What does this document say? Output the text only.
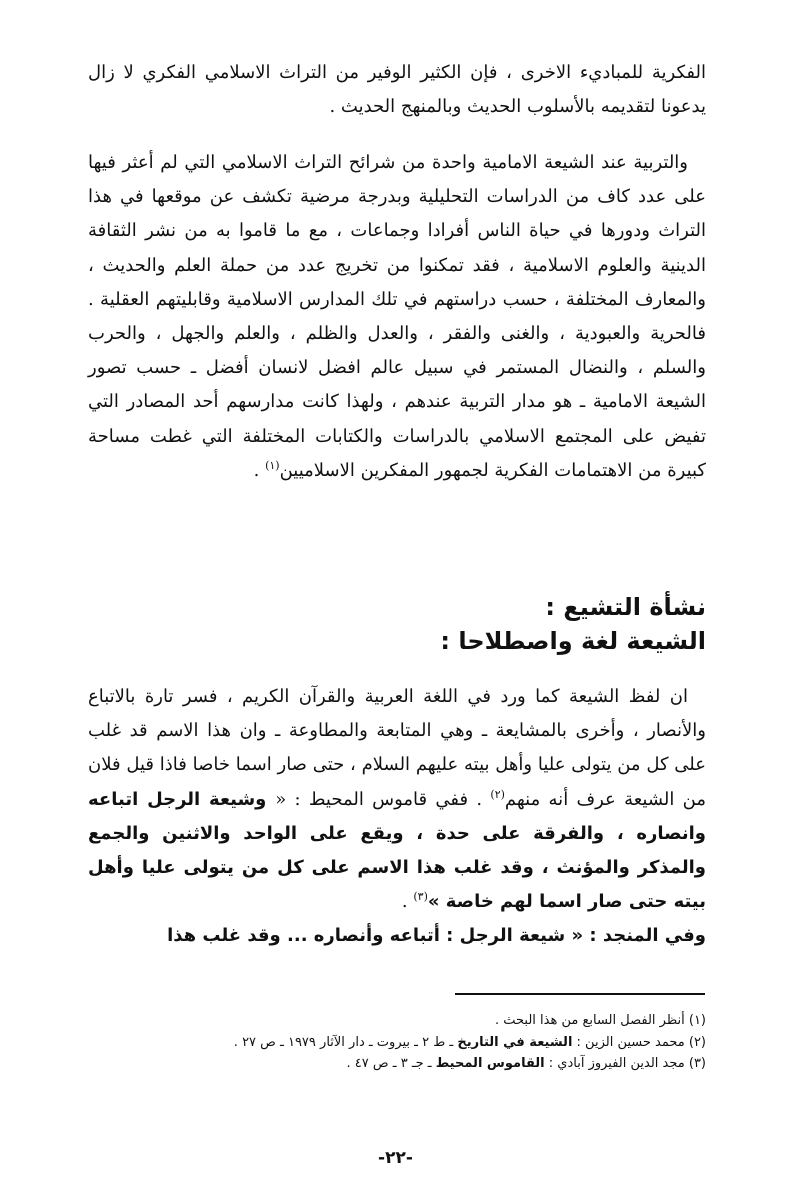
الفكرية للمباديء الاخرى ، فإن الكثير الوفير من التراث الاسلامي الفكري لا زال يدعونا لتقديمه بالأسلوب الحديث وبالمنهج الحديث .

 والتربية عند الشيعة الامامية واحدة من شرائح التراث الاسلامي التي لم أعثر فيها على عدد كاف من الدراسات التحليلية وبدرجة مرضية تكشف عن موقعها في هذا التراث ودورها في حياة الناس أفرادا وجماعات ، مع ما قاموا به من نشر الثقافة الدينية والعلوم الاسلامية ، فقد تمكنوا من تخريج عدد من حملة العلم والحديث ، والمعارف المختلفة ، حسب دراستهم في تلك المدارس الاسلامية وقابليتهم العقلية . فالحرية والعبودية ، والغنى والفقر ، والعدل والظلم ، والعلم والجهل ، والحرب والسلم ، والنضال المستمر في سبيل عالم افضل لانسان أفضل ـ حسب تصور الشيعة الامامية ـ هو مدار التربية عندهم ، ولهذا كانت مدارسهم أحد المصادر التي تفيض على المجتمع الاسلامي بالدراسات والكتابات المختلفة التي غطت مساحة كبيرة من الاهتمامات الفكرية لجمهور المفكرين الاسلاميين$^{(١)}$ .

نشأة التشيع :
الشيعة لغة واصطلاحا :

 ان لفظ الشيعة كما ورد في اللغة العربية والقرآن الكريم ، فسر تارة بالاتباع والأنصار ، وأخرى بالمشايعة ـ وهي المتابعة والمطاوعة ـ وان هذا الاسم قد غلب على كل من يتولى عليا وأهل بيته عليهم السلام ، حتى صار اسما خاصا فاذا قيل فلان من الشيعة عرف أنه منهم$^{(٢)}$ . ففي قاموس المحيط : « وشيعة الرجل اتباعه وانصاره ، والفرقة على حدة ، ويقع على الواحد والاثنين والجمع والمذكر والمؤنث ، وقد غلب هذا الاسم على كل من يتولى عليا وأهل بيته حتى صار اسما لهم خاصة »$^{(٣)}$ .
وفي المنجد : « شيعة الرجل : أتباعه وأنصاره ... وقد غلب هذا

(١) أنظر الفصل السابع من هذا البحث .
(٢) محمد حسين الزين : الشيعة في التاريخ ـ ط ٢ ـ بيروت ـ دار الآثار ١٩٧٩ ـ ص ٢٧ .
(٣) مجد الدين الفيروز آبادي : القاموس المحيط ـ جـ ٣ ـ ص ٤٧ .
-٢٢-
